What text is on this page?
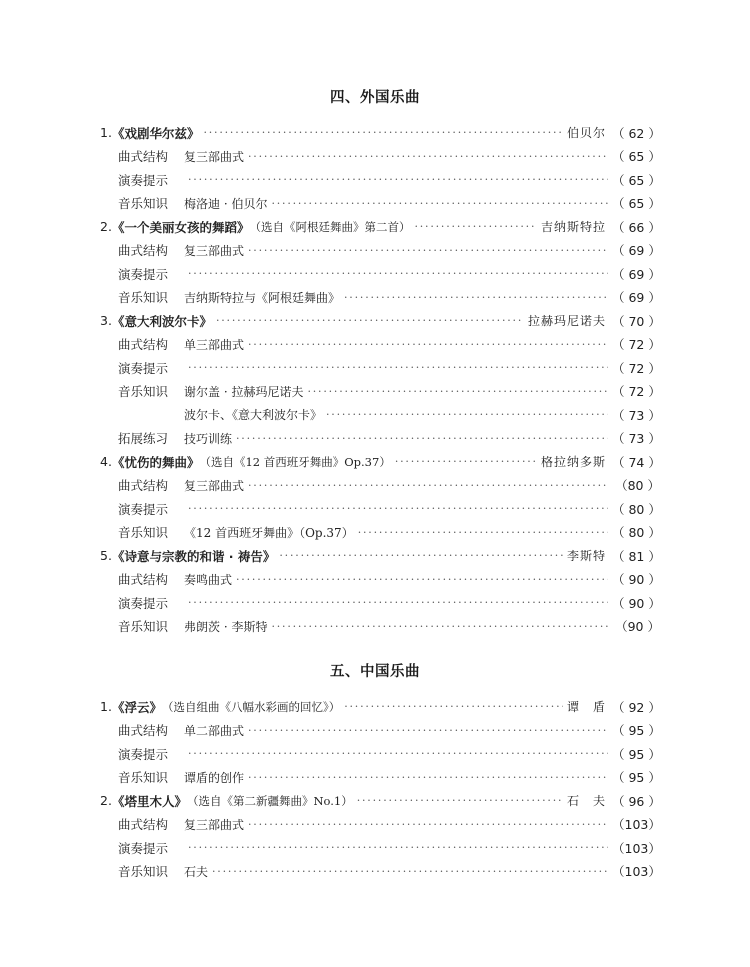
四、外国乐曲
1. 《戏剧华尔兹》 ·····	伯贝尔 （ 62 ）
曲式结构	复三部曲式 ·····	（ 65 ）
演奏提示 ·····	（ 65 ）
音乐知识	梅洛迪 · 伯贝尔 ·····	（ 65 ）
2. 《一个美丽女孩的舞蹈》 （选自《阿根廷舞曲》第二首） ·····	吉纳斯特拉 （ 66 ）
曲式结构	复三部曲式 ·····	（ 69 ）
演奏提示 ·····	（ 69 ）
音乐知识	吉纳斯特拉与《阿根廷舞曲》 ·····	（ 69 ）
3. 《意大利波尔卡》 ·····	拉赫玛尼诺夫 （ 70 ）
曲式结构	单三部曲式 ·····	（ 72 ）
演奏提示 ·····	（ 72 ）
音乐知识	谢尔盖 · 拉赫玛尼诺夫 ·····	（ 72 ）
波尔卡、《意大利波尔卡》 ·····	（ 73 ）
拓展练习	技巧训练 ·····	（ 73 ）
4. 《忧伤的舞曲》 （选自《12 首西班牙舞曲》Op.37） ·····	格拉纳多斯 （ 74 ）
曲式结构	复三部曲式 ·····	（80 ）
演奏提示 ·····	（ 80 ）
音乐知识	《12 首西班牙舞曲》（Op.37） ·····	（ 80 ）
5. 《诗意与宗教的和谐 · 祷告》 ·····	李斯特 （ 81 ）
曲式结构	奏鸣曲式 ·····	（ 90 ）
演奏提示 ·····	（ 90 ）
音乐知识	弗朗茨 · 李斯特 ·····	（90 ）
五、中国乐曲
1. 《浮云》 （选自组曲《八幅水彩画的回忆》） ·····	谭　盾 （ 92 ）
曲式结构	单二部曲式 ·····	（ 95 ）
演奏提示 ·····	（ 95 ）
音乐知识	谭盾的创作 ·····	（ 95 ）
2. 《塔里木人》 （选自《第二新疆舞曲》No.1） ·····	石　夫 （ 96 ）
曲式结构	复三部曲式 ·····	（103）
演奏提示 ·····	（103）
音乐知识	石夫 ·····	（103）
